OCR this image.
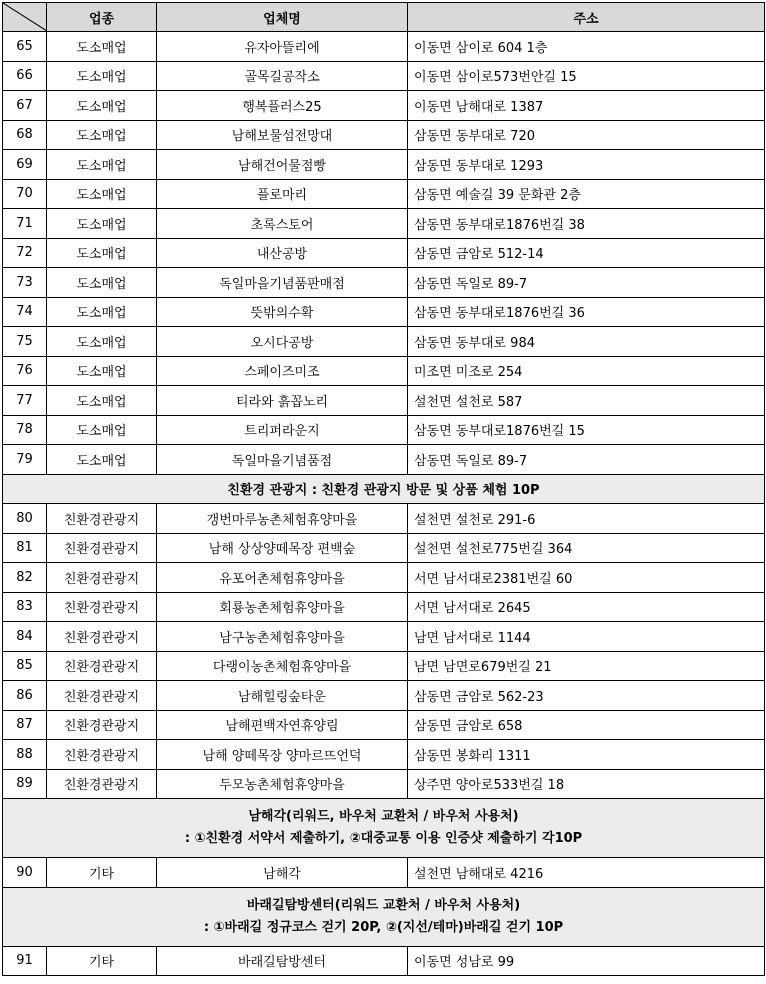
	업종	업체명	주소
65	도소매업	유자아뜰리에	이동면 삼이로 604 1층
66	도소매업	골목길공작소	이동면 삼이로573번안길 15
67	도소매업	행복플러스25	이동면 남해대로 1387
68	도소매업	남해보물섬전망대	삼동면 동부대로 720
69	도소매업	남해건어물점빵	삼동면 동부대로 1293
70	도소매업	플로마리	삼동면 예술길 39 문화관 2층
71	도소매업	초록스토어	삼동면 동부대로1876번길 38
72	도소매업	내산공방	삼동면 금암로 512-14
73	도소매업	독일마을기념품판매점	삼동면 독일로 89-7
74	도소매업	뜻밖의수확	삼동면 동부대로1876번길 36
75	도소매업	오시다공방	삼동면 동부대로 984
76	도소매업	스페이즈미조	미조면 미조로 254
77	도소매업	티라와 흙꼽노리	설천면 설천로 587
78	도소매업	트리퍼라운지	삼동면 동부대로1876번길 15
79	도소매업	독일마을기념품점	삼동면 독일로 89-7
친환경 관광지 : 친환경 관광지 방문 및 상품 체험 10P			
80	친환경관광지	갱번마루농촌체험휴양마을	설천면 설천로 291-6
81	친환경관광지	남해 상상양떼목장 편백숲	설천면 설천로775번길 364
82	친환경관광지	유포어촌체험휴양마을	서면 남서대로2381번길 60
83	친환경관광지	회룡농촌체험휴양마을	서면 남서대로 2645
84	친환경관광지	남구농촌체험휴양마을	남면 남서대로 1144
85	친환경관광지	다랭이농촌체험휴양마을	남면 남면로679번길 21
86	친환경관광지	남해힐링숲타운	삼동면 금암로 562-23
87	친환경관광지	남해편백자연휴양림	삼동면 금암로 658
88	친환경관광지	남해 양떼목장 양마르뜨언덕	삼동면 봉화리 1311
89	친환경관광지	두모농촌체험휴양마을	상주면 양아로533번길 18

남해각(리워드, 바우처 교환처 / 바우처 사용처)
: ①친환경 서약서 제출하기, ②대중교통 이용 인증샷 제출하기 각10P			

90	기타	남해각	설천면 남해대로 4216

바래길탐방센터(리워드 교환처 / 바우처 사용처)
: ①바래길 정규코스 걷기 20P, ②(지선/테마)바래길 걷기 10P			

91	기타	바래길탐방센터	이동면 성남로 99
